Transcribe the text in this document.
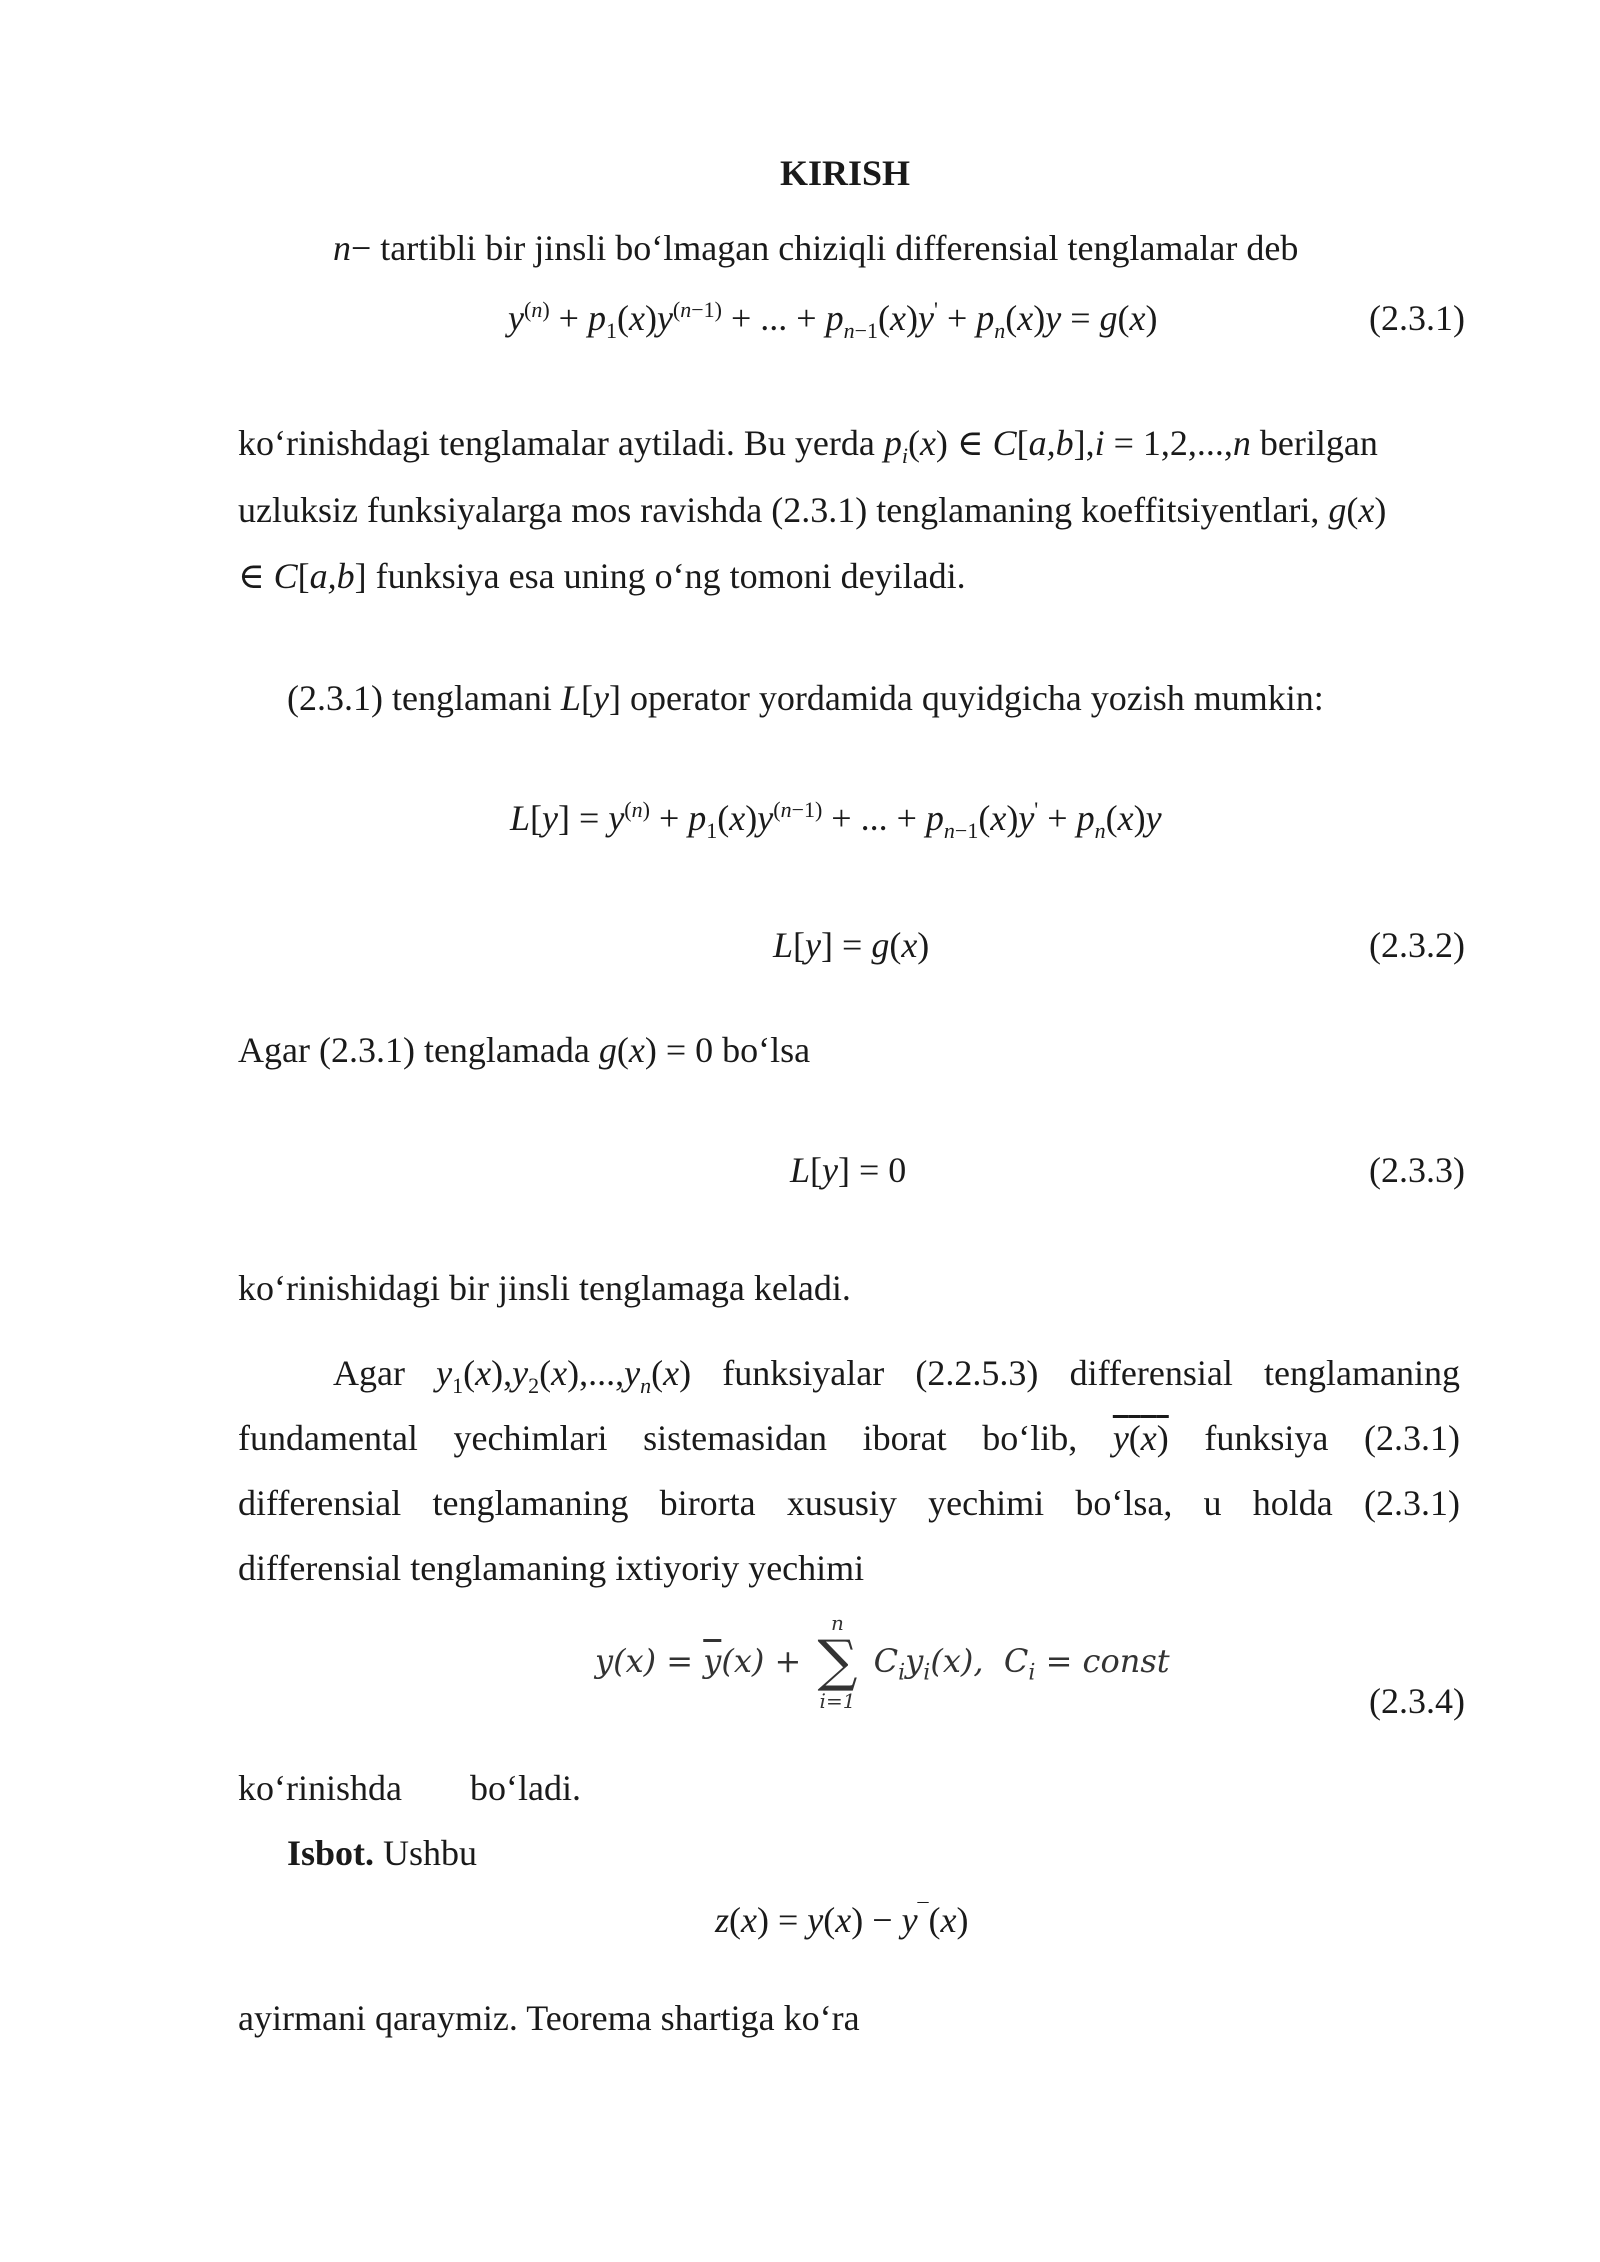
KIRISH
n− tartibli bir jinsli bo‘lmagan chiziqli differensial tenglamalar deb
$y^{(n)} + p_1(x)y^{(n-1)}$ + ... + $p_{n-1}(x)y' + p_n(x)y = g(x)$	(2.3.1)
ko‘rinishdagi tenglamalar aytiladi. Bu yerda $p_i(x)$ ∈ C[a,b],i = 1,2,...,n berilgan
uzluksiz funksiyalarga mos ravishda (2.3.1) tenglamaning koeffitsiyentlari, g(x)
∈ C[a,b] funksiya esa uning o‘ng tomoni deyiladi.
(2.3.1) tenglamani L[y] operator yordamida quyidgicha yozish mumkin:
$L[y] = y^{(n)} + p_1(x)y^{(n-1)}$ + ... + $p_{n-1}(x)y' + p_n(x)y$
L[y] = g(x)	(2.3.2)
Agar (2.3.1) tenglamada g(x) = 0 bo‘lsa
L[y] = 0	(2.3.3)
ko‘rinishidagi bir jinsli tenglamaga keladi.
Agar $y_1(x),y_2(x),...,y_n(x)$ funksiyalar (2.2.5.3) differensial tenglamaning
fundamental yechimlari sistemasidan iborat bo‘lib, y(x) funksiya (2.3.1)
differensial tenglamaning birorta xususiy yechimi bo‘lsa, u holda (2.3.1)
differensial tenglamaning ixtiyoriy yechimi
$y(x) = \overline{y}(x)$ +
n
∑
i=1
$C_iy_i(x)$,  $C_i$ = const
(2.3.4)
ko‘rinishda bo‘ladi.
Isbot. Ushbu
z(x) = y(x) − y¯(x)
ayirmani qaraymiz. Teorema shartiga ko‘ra
